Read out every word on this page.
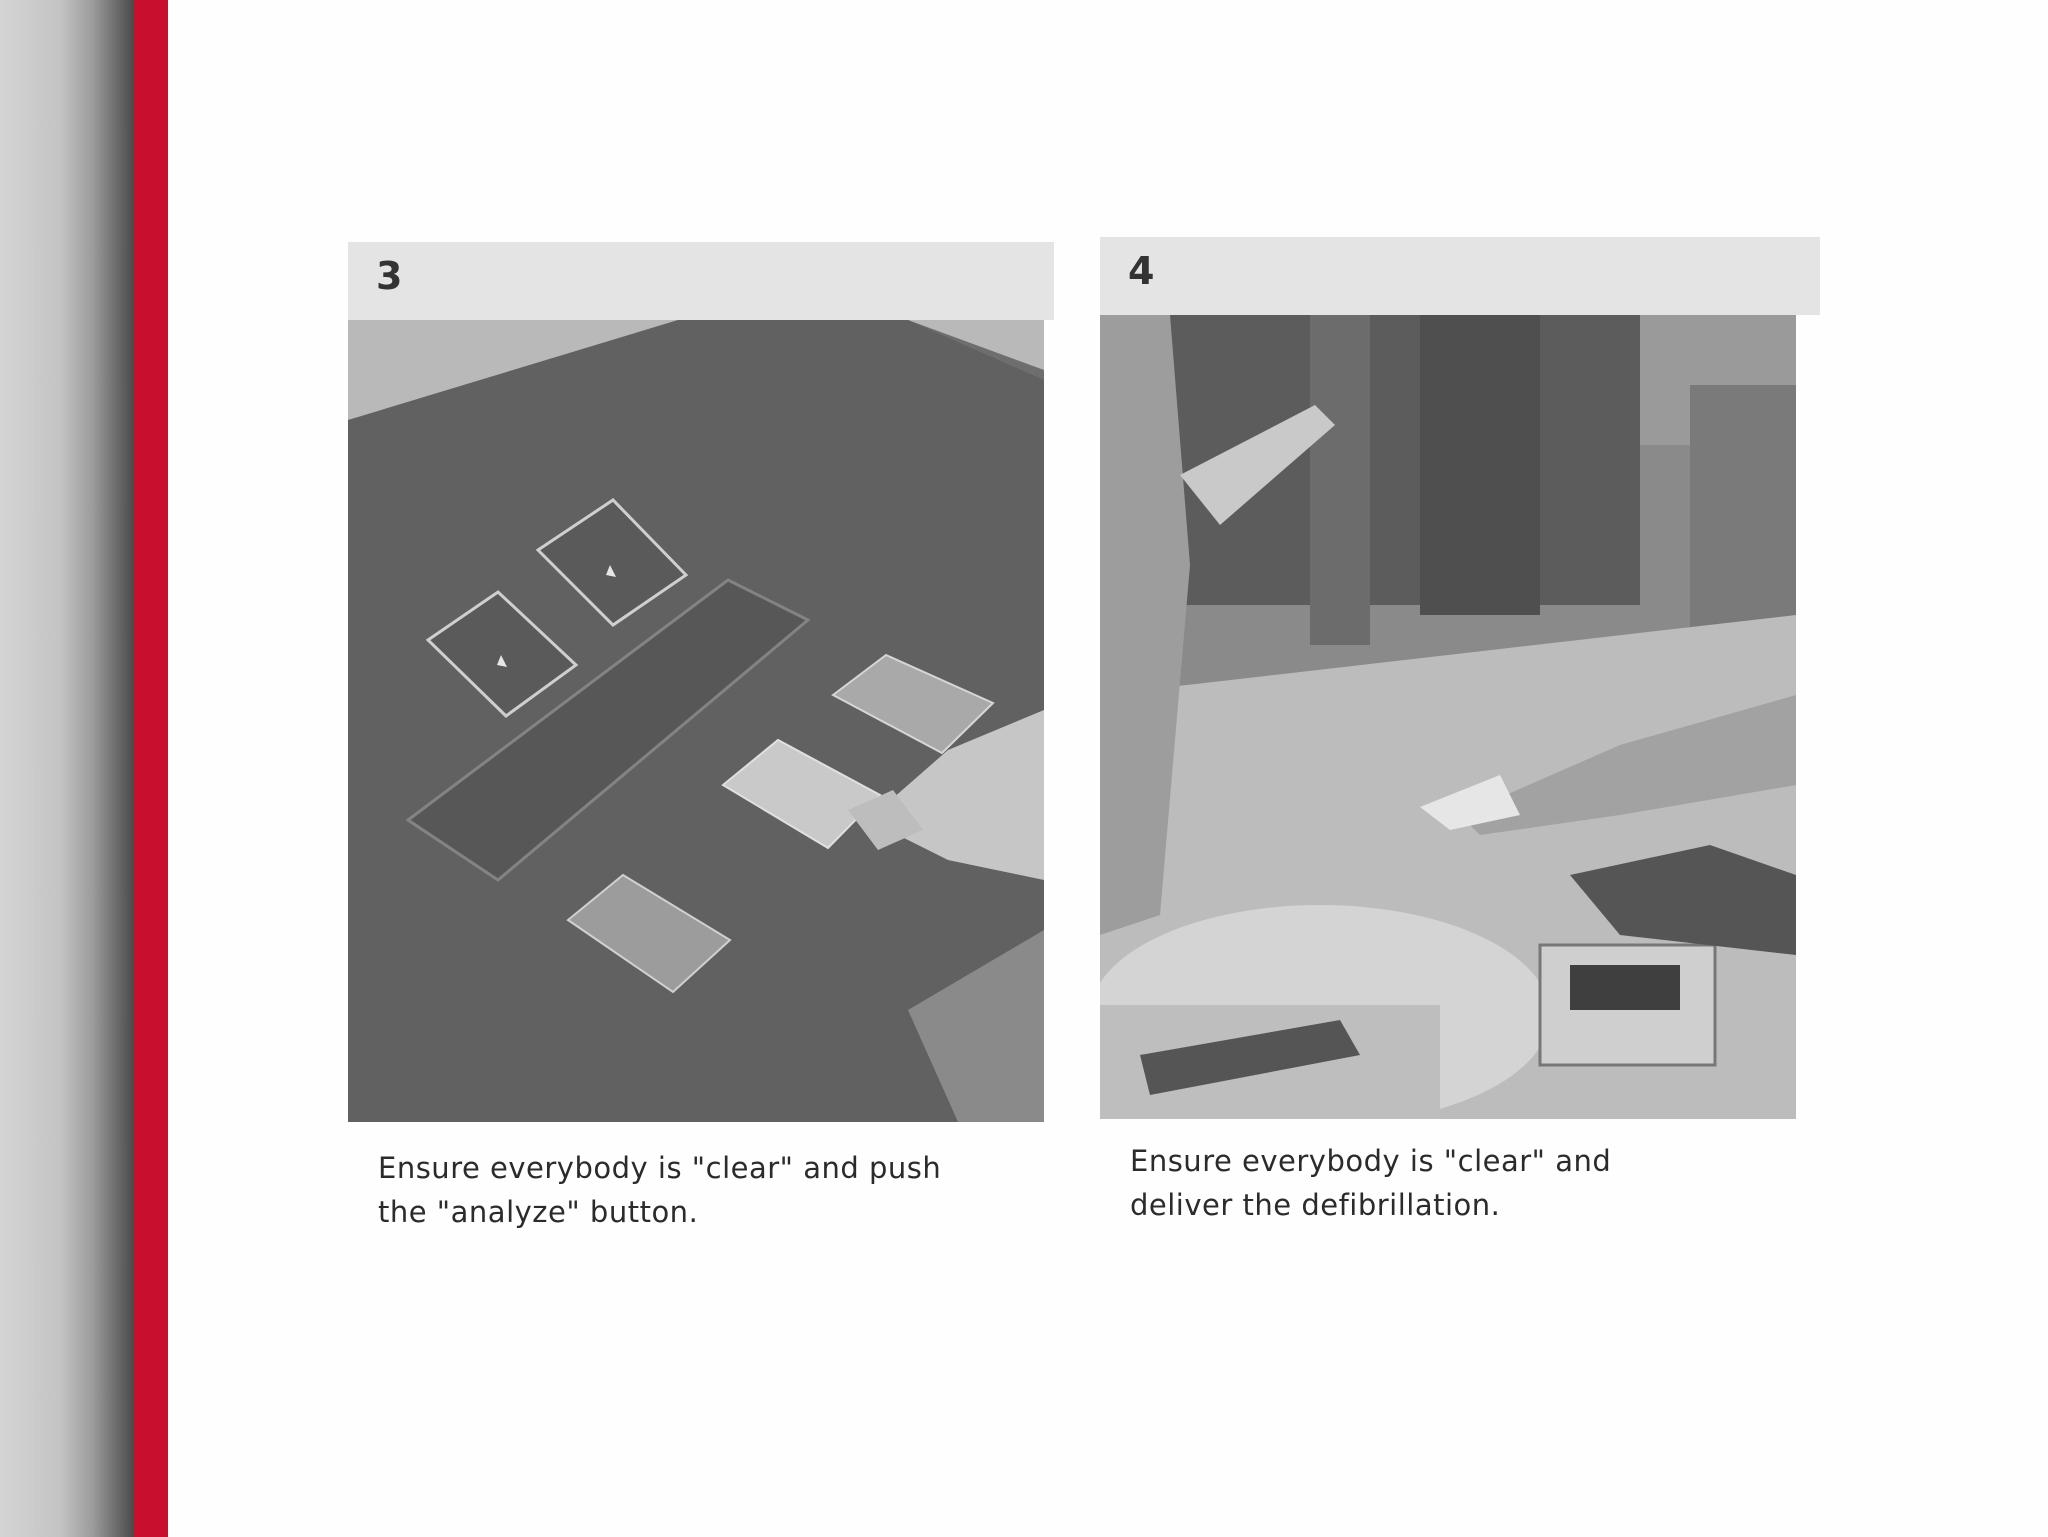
3
Ensure everybody is "clear" and push
the "analyze" button.
4
Ensure everybody is "clear" and
deliver the defibrillation.
